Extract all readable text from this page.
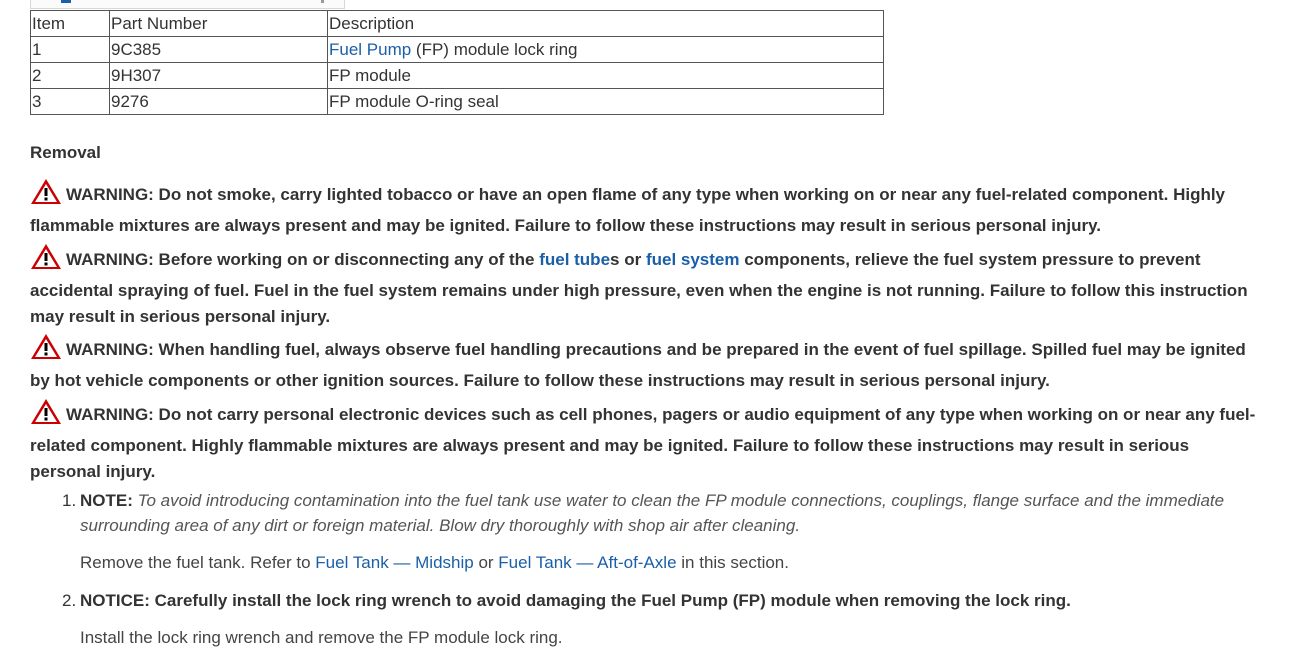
Item	Part Number	Description
1	9C385	Fuel Pump (FP) module lock ring
2	9H307	FP module
3	9276	FP module O-ring seal
Removal
WARNING: Do not smoke, carry lighted tobacco or have an open flame of any type when working on or near any fuel-related component. Highly flammable mixtures are always present and may be ignited. Failure to follow these instructions may result in serious personal injury.
WARNING: Before working on or disconnecting any of the fuel tubes or fuel system components, relieve the fuel system pressure to prevent accidental spraying of fuel. Fuel in the fuel system remains under high pressure, even when the engine is not running. Failure to follow this instruction may result in serious personal injury.
WARNING: When handling fuel, always observe fuel handling precautions and be prepared in the event of fuel spillage. Spilled fuel may be ignited by hot vehicle components or other ignition sources. Failure to follow these instructions may result in serious personal injury.
WARNING: Do not carry personal electronic devices such as cell phones, pagers or audio equipment of any type when working on or near any fuel-related component. Highly flammable mixtures are always present and may be ignited. Failure to follow these instructions may result in serious personal injury.
1. NOTE: To avoid introducing contamination into the fuel tank use water to clean the FP module connections, couplings, flange surface and the immediate surrounding area of any dirt or foreign material. Blow dry thoroughly with shop air after cleaning.
Remove the fuel tank. Refer to Fuel Tank — Midship or Fuel Tank — Aft-of-Axle in this section.
2. NOTICE: Carefully install the lock ring wrench to avoid damaging the Fuel Pump (FP) module when removing the lock ring.
Install the lock ring wrench and remove the FP module lock ring.
